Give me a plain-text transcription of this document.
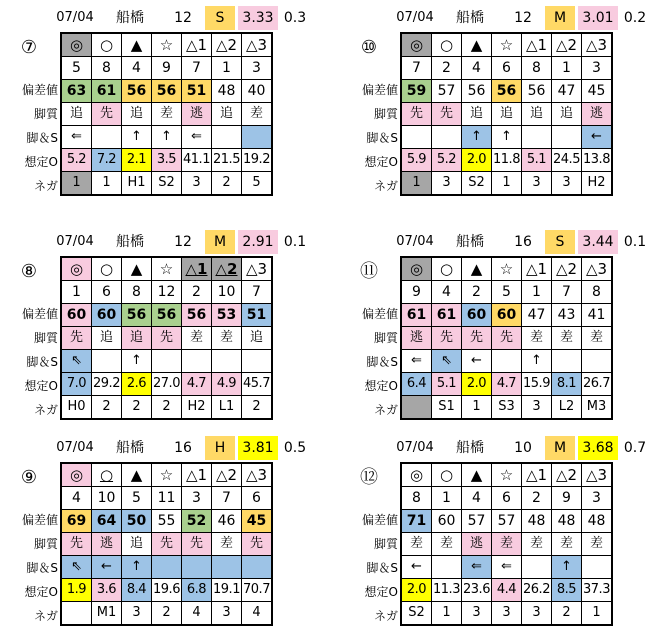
07/04	船橋	12	S	3.33 0.3
⑦
偏差値
脚質
脚＆S
想定O
ネガ
◎	○	▲	☆	△1	△2	△3
5	8	4	9	7	1	3
63	61	56	56	51	48	40
追	先	追	差	逃	追	差
⇐		↑	↑	⇐		
5.2	7.2	2.1	3.5	41.1	21.5	19.2
1	1	H1	S2	3	2	5
07/04	船橋	12	M	3.01 0.2
⑩
偏差値
脚質
脚＆S
想定O
ネガ
◎	○	▲	☆	△1	△2	△3
7	2	4	6	8	1	3
59	57	56	56	56	47	45
先	先	追	追	追	追	逃
		↑	↑			←
5.9	5.2	2.0	11.8	5.1	24.5	13.8
1	3	S2	1	3	3	H2
07/04	船橋	12	M	2.91 0.1
⑧
偏差値
脚質
脚＆S
想定O
ネガ
◎	○	▲	☆	△1	△2	△3
1	6	8	12	2	10	7
60	60	56	56	56	53	51
先	追	追	先	差	差	追
⇖		↑				
7.0	29.2	2.6	27.0	4.7	4.9	45.7
H0	2	2	2	H2	L1	2
07/04	船橋	16	S	3.44 0.1
⑪
偏差値
脚質
脚＆S
想定O
ネガ
◎	○	▲	☆	△1	△2	△3
9	4	2	5	1	7	8
61	61	60	60	47	43	41
逃	先	先	先	差	差	差
⇐	⇖	←		↑		
6.4	5.1	2.0	4.7	15.9	8.1	26.7
	S1	1	S3	3	L2	M3
07/04	船橋	16	H	3.81 0.5
⑨
偏差値
脚質
脚＆S
想定O
ネガ
◎	○	▲	☆	△1	△2	△3
4	10	5	11	3	7	6
69	64	50	55	52	46	45
先	逃	追	先	先	差	先
⇖	←	↑				
1.9	3.6	8.4	19.6	6.8	19.1	70.7
	M1	3	2	4	3	4
07/04	船橋	10	M	3.68 0.7
⑫
偏差値
脚質
脚＆S
想定O
ネガ
◎	○	▲	☆	△1	△2	△3
8	1	4	6	2	9	3
71	60	57	57	48	48	48
差	差	逃	差	差	差	差
←		⇐	⇐		↑	
2.0	11.3	23.6	4.4	26.2	8.5	37.3
S2	1	3	3	3	2	1
